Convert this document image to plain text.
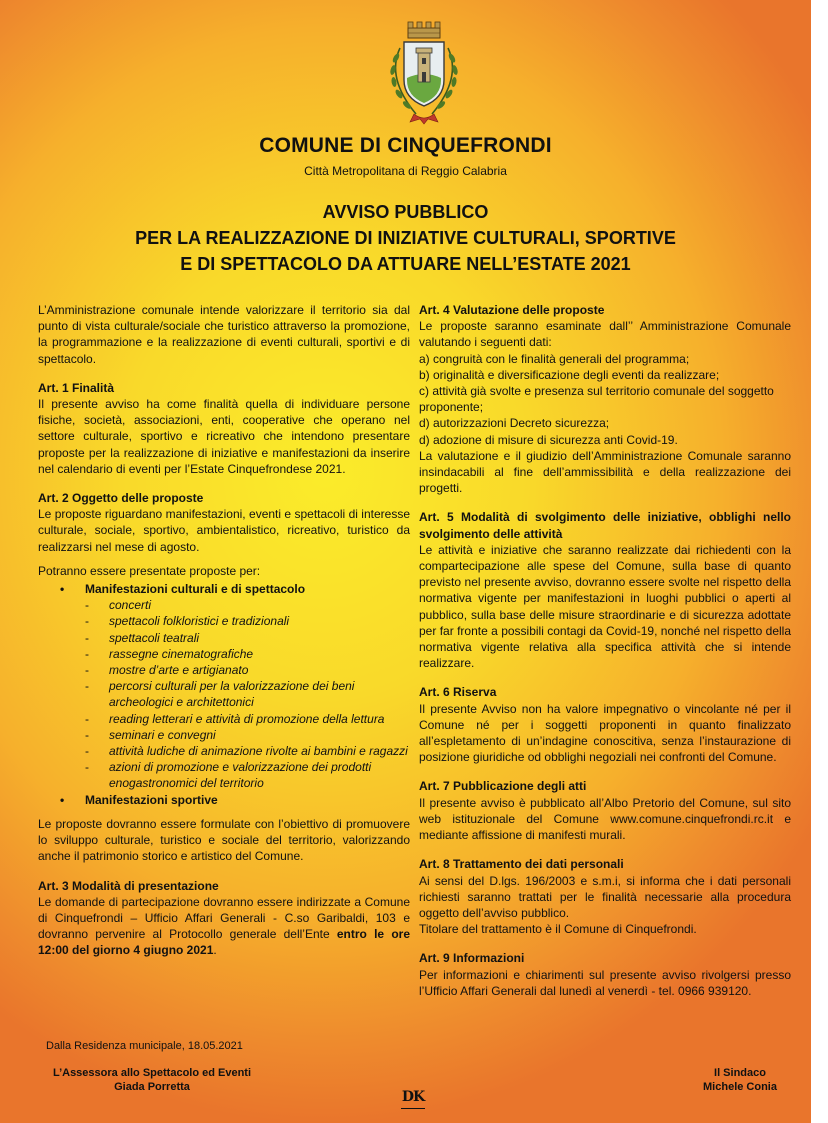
COMUNE DI CINQUEFRONDI
Città Metropolitana di Reggio Calabria
AVVISO PUBBLICO
PER LA REALIZZAZIONE DI INIZIATIVE CULTURALI, SPORTIVE
E DI SPETTACOLO DA ATTUARE NELL’ESTATE 2021

L’Amministrazione comunale intende valorizzare il territorio sia dal punto di vista culturale/sociale che turistico attraverso la promozione, la programmazione e la realizzazione di eventi culturali, sportivi e di spettacolo.

Art. 1 Finalità

Il presente avviso ha come finalità quella di individuare persone fisiche, società, associazioni, enti, cooperative che operano nel settore culturale, sportivo e ricreativo che intendono presentare proposte per la realizzazione di iniziative e manifestazioni da inserire nel calendario di eventi per l’Estate Cinquefrondese 2021.

Art. 2 Oggetto delle proposte

Le proposte riguardano manifestazioni, eventi e spettacoli di interesse culturale, sociale, sportivo, ambientalistico, ricreativo, turistico da realizzarsi nel mese di agosto.

Potranno essere presentate proposte per:

• Manifestazioni culturali e di spettacolo
- concerti
- spettacoli folkloristici e tradizionali
- spettacoli teatrali
- rassegne cinematografiche
- mostre d’arte e artigianato
- percorsi culturali per la valorizzazione dei beni archeologici e architettonici
- reading letterari e attività di promozione della lettura
- seminari e convegni
- attività ludiche di animazione rivolte ai bambini e ragazzi
- azioni di promozione e valorizzazione dei prodotti enogastronomici del territorio
• Manifestazioni sportive

Le proposte dovranno essere formulate con l’obiettivo di promuovere lo sviluppo culturale, turistico e sociale del territorio, valorizzando anche il patrimonio storico e artistico del Comune.

Art. 3 Modalità di presentazione

Le domande di partecipazione dovranno essere indirizzate a Comune di Cinquefrondi – Ufficio Affari Generali - C.so Garibaldi, 103 e dovranno pervenire al Protocollo generale dell’Ente entro le ore 12:00 del giorno 4 giugno 2021.

Art. 4 Valutazione delle proposte

Le proposte saranno esaminate dall’’ Amministrazione Comunale valutando i seguenti dati:

a) congruità con le finalità generali del programma;

b) originalità e diversificazione degli eventi da realizzare;

c) attività già svolte e presenza sul territorio comunale del soggetto proponente;

d) autorizzazioni Decreto sicurezza;

d) adozione di misure di sicurezza anti Covid-19.

La valutazione e il giudizio dell’Amministrazione Comunale saranno insindacabili al fine dell’ammissibilità e della realizzazione dei progetti.

Art. 5 Modalità di svolgimento delle iniziative, obblighi nello svolgimento delle attività

Le attività e iniziative che saranno realizzate dai richiedenti con la compartecipazione alle spese del Comune, sulla base di quanto previsto nel presente avviso, dovranno essere svolte nel rispetto della normativa vigente per manifestazioni in luoghi pubblici o aperti al pubblico, sulla base delle misure straordinarie e di sicurezza adottate per far fronte a possibili contagi da Covid-19, nonché nel rispetto della normativa vigente relativa alla specifica attività che si intende realizzare.

Art. 6 Riserva

Il presente Avviso non ha valore impegnativo o vincolante né per il Comune né per i soggetti proponenti in quanto finalizzato all’espletamento di un’indagine conoscitiva, senza l’instaurazione di posizione giuridiche od obblighi negoziali nei confronti del Comune.

Art. 7 Pubblicazione degli atti

Il presente avviso è pubblicato all’Albo Pretorio del Comune, sul sito web istituzionale del Comune www.comune.cinquefrondi.rc.it e mediante affissione di manifesti murali.

Art. 8 Trattamento dei dati personali

Ai sensi del D.lgs. 196/2003 e s.m.i, si informa che i dati personali richiesti saranno trattati per le finalità necessarie alla procedura oggetto dell’avviso pubblico.

Titolare del trattamento è il Comune di Cinquefrondi.

Art. 9 Informazioni

Per informazioni e chiarimenti sul presente avviso rivolgersi presso l’Ufficio Affari Generali dal lunedì al venerdì - tel. 0966 939120.

Dalla Residenza municipale, 18.05.2021
L’Assessora allo Spettacolo ed Eventi
Giada Porretta
Il Sindaco
Michele Conia
DK
